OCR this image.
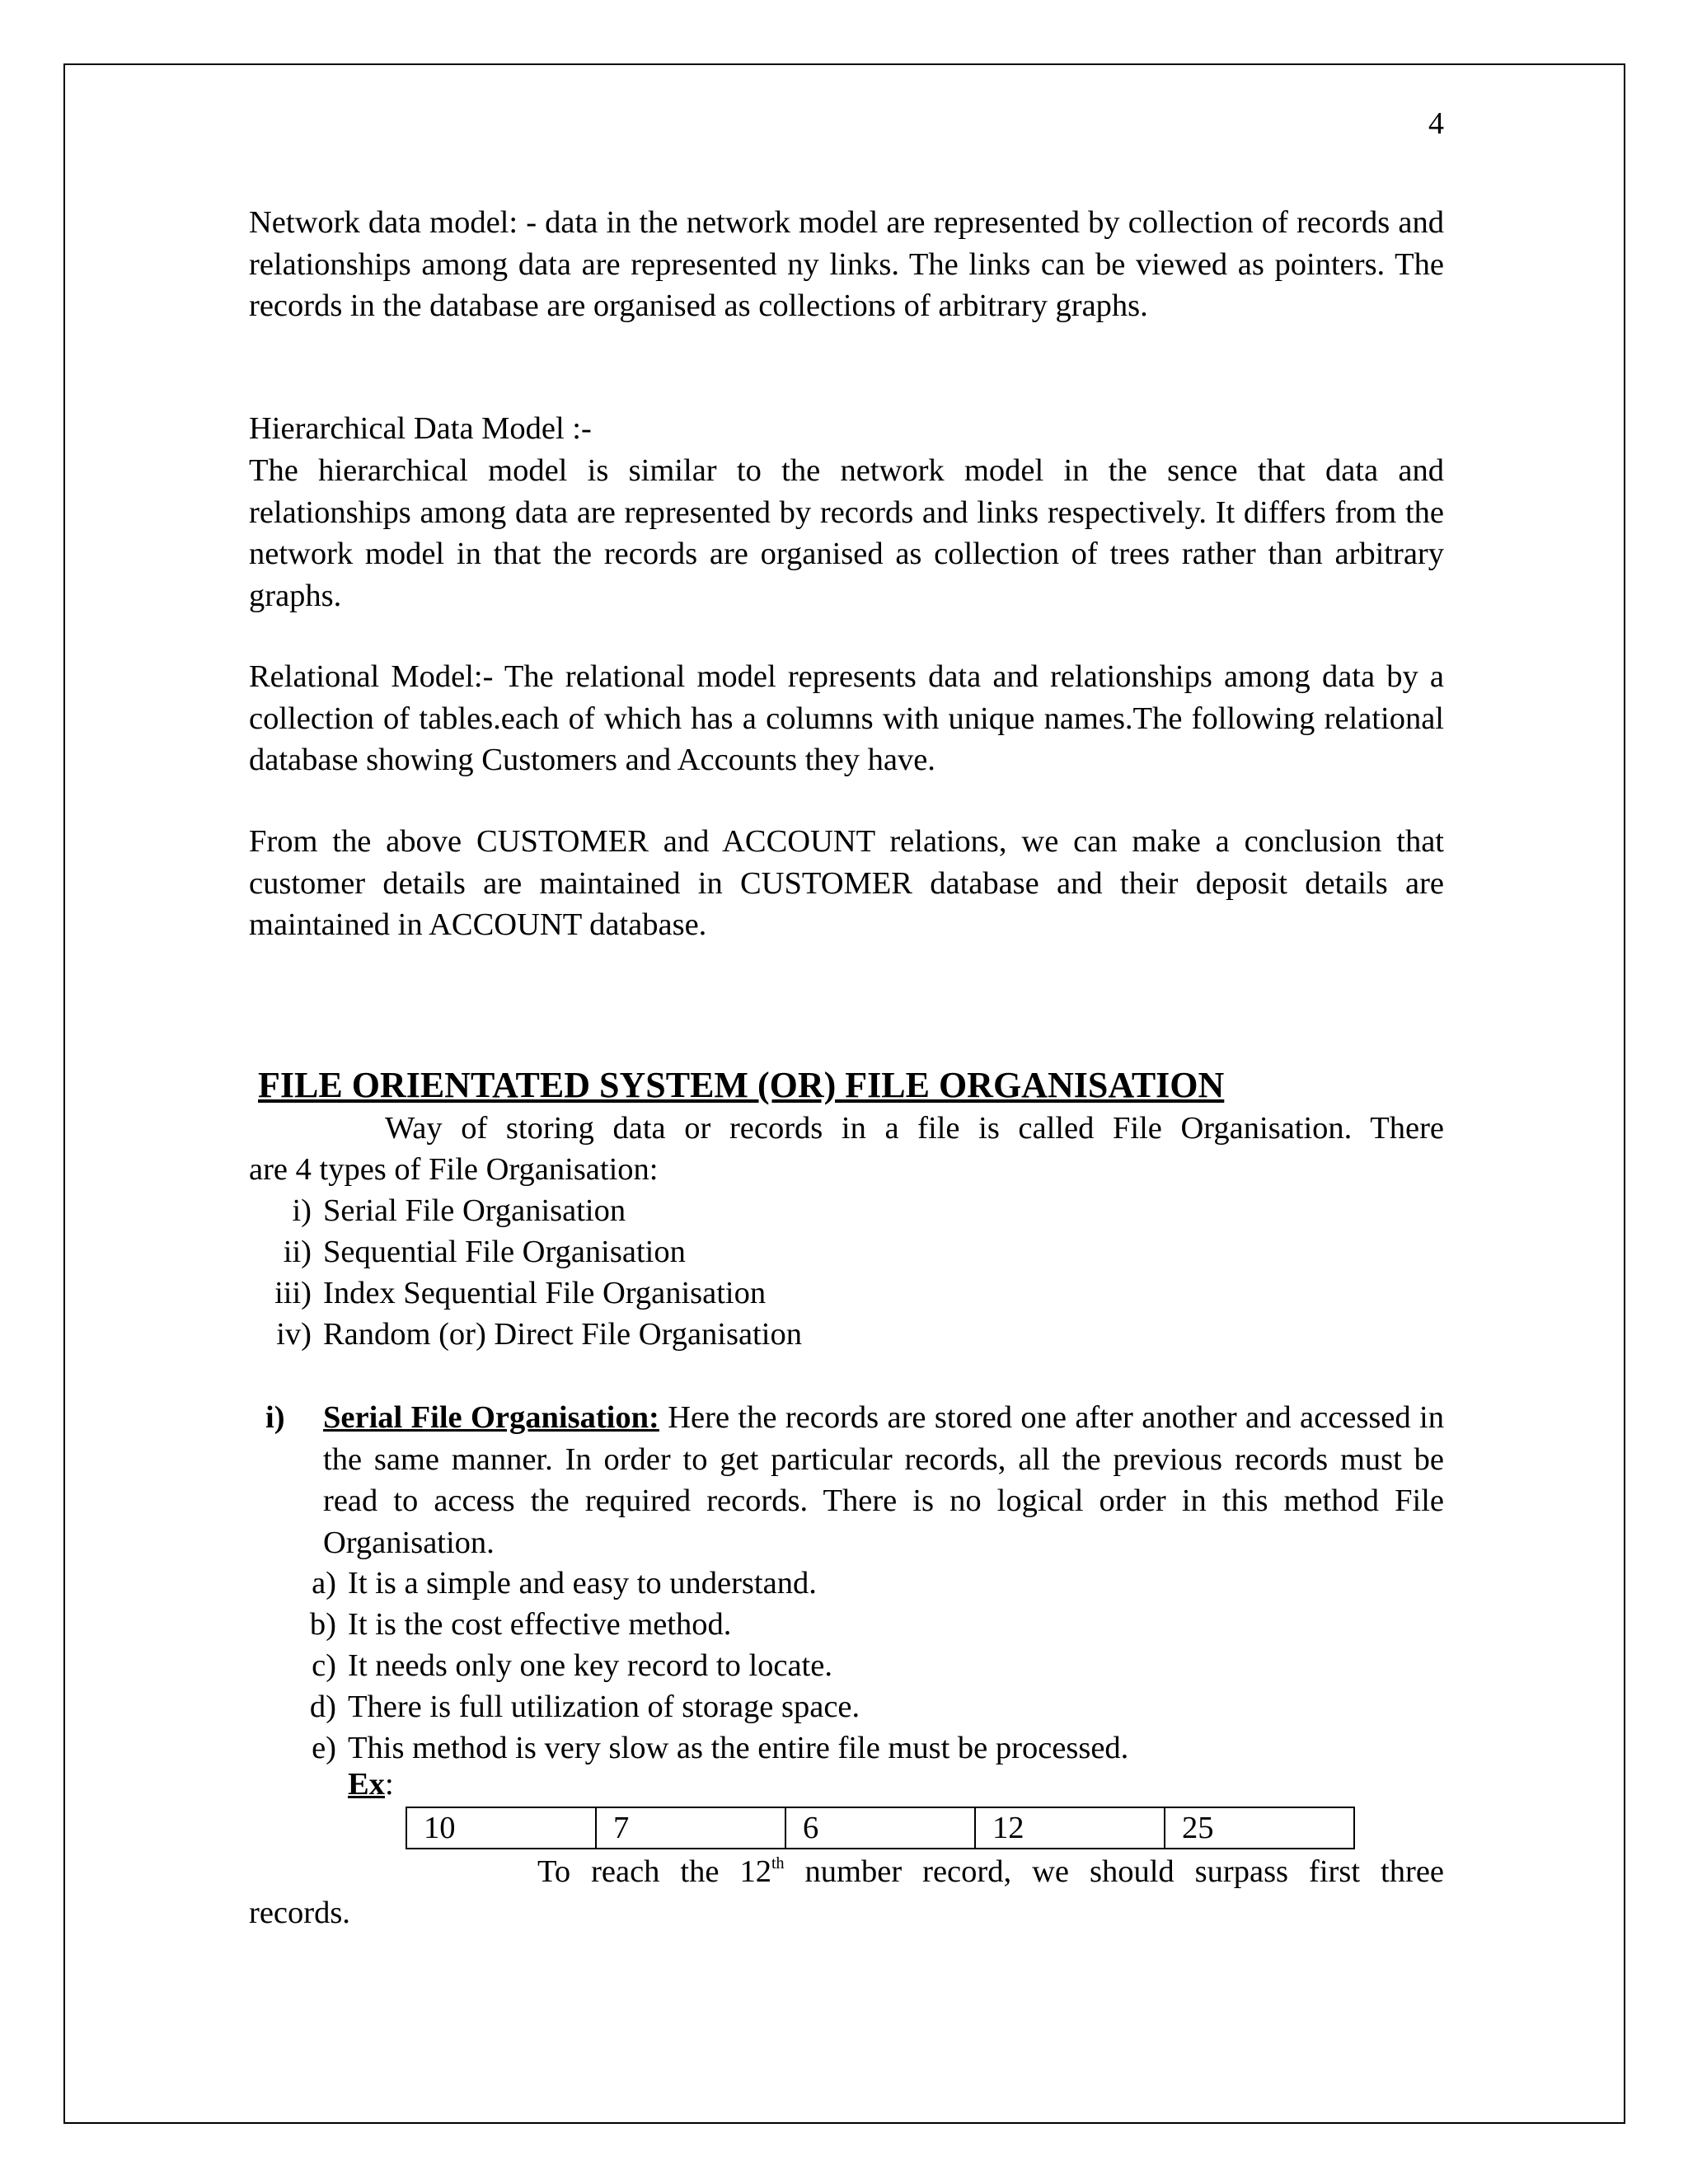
4

Network data model: - data in the network model are represented by collection of records and relationships among data are represented ny links. The links can be viewed as pointers. The records in the database are organised as collections of arbitrary graphs.

Hierarchical Data Model :-

The hierarchical model is similar to the network model in the sence that data and relationships among data are represented by records and links respectively. It differs from the network model in that the records are organised as collection of trees rather than arbitrary graphs.

Relational Model:- The relational model represents data and relationships among data by a collection of tables.each of which has a columns with unique names.The following relational database showing Customers and Accounts they have.

From the above CUSTOMER and ACCOUNT relations, we can make a conclusion that customer details are maintained in CUSTOMER database and their deposit details are maintained in ACCOUNT database.

FILE ORIENTATED SYSTEM (OR) FILE ORGANISATION
Way of storing data or records in a file is called File Organisation. There
are 4 types of File Organisation:
i) Serial File Organisation
ii) Sequential File Organisation
iii) Index Sequential File Organisation
iv) Random (or) Direct File Organisation
i) Serial File Organisation: Here the records are stored one after another and accessed in the same manner. In order to get particular records, all the previous records must be read to access the required records. There is no logical order in this method File Organisation.

a) It is a simple and easy to understand.
b) It is the cost effective method.
c) It needs only one key record to locate.
d) There is full utilization of storage space.
e) This method is very slow as the entire file must be processed.
Ex:
10	7	6	12	25

To reach the 12th number record, we should surpass first three

records.
